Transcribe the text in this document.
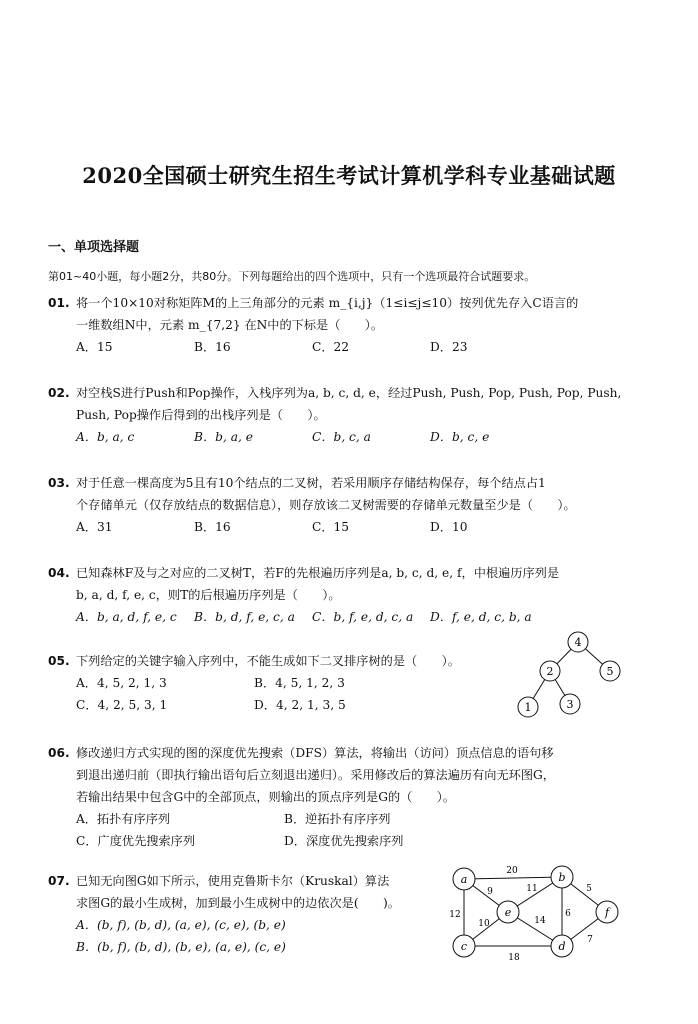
2020全国硕士研究生招生考试计算机学科专业基础试题
一、单项选择题
第01~40小题，每小题2分，共80分。下列每题给出的四个选项中，只有一个选项最符合试题要求。
01. 将一个10×10对称矩阵M的上三角部分的元素 m_{i,j}（1≤i≤j≤10）按列优先存入C语言的
一维数组N中，元素 m_{7,2} 在N中的下标是（　　）。
A．15	B．16	C．22	D．23
02. 对空栈S进行Push和Pop操作，入栈序列为a, b, c, d, e，经过Push, Push, Pop, Push, Pop, Push,
Push, Pop操作后得到的出栈序列是（　　）。
A．b, a, c	B．b, a, e	C．b, c, a	D．b, c, e
03. 对于任意一棵高度为5且有10个结点的二叉树，若采用顺序存储结构保存，每个结点占1
个存储单元（仅存放结点的数据信息），则存放该二叉树需要的存储单元数量至少是（　　）。
A．31	B．16	C．15	D．10
04. 已知森林F及与之对应的二叉树T，若F的先根遍历序列是a, b, c, d, e, f，中根遍历序列是
b, a, d, f, e, c，则T的后根遍历序列是（　　）。
A．b, a, d, f, e, c B．b, d, f, e, c, a C．b, f, e, d, c, a D．f, e, d, c, b, a
05. 下列给定的关键字输入序列中，不能生成如下二叉排序树的是（　　）。
A．4, 5, 2, 1, 3	B．4, 5, 1, 2, 3
C．4, 2, 5, 3, 1	D．4, 2, 1, 3, 5
4
2	5
1	3
06. 修改递归方式实现的图的深度优先搜索（DFS）算法，将输出（访问）顶点信息的语句移
到退出递归前（即执行输出语句后立刻退出递归）。采用修改后的算法遍历有向无环图G，
若输出结果中包含G中的全部顶点，则输出的顶点序列是G的（　　）。
A．拓扑有序序列	B．逆拓扑有序序列
C．广度优先搜索序列	D．深度优先搜索序列
07. 已知无向图G如下所示，使用克鲁斯卡尔（Kruskal）算法
求图G的最小生成树，加到最小生成树中的边依次是(　　)。
A．(b, f), (b, d), (a, e), (c, e), (b, e)
B．(b, f), (b, d), (b, e), (a, e), (c, e)
a	b
c	d
e	f
20
9	11	5
12
10	14
6
18
7
